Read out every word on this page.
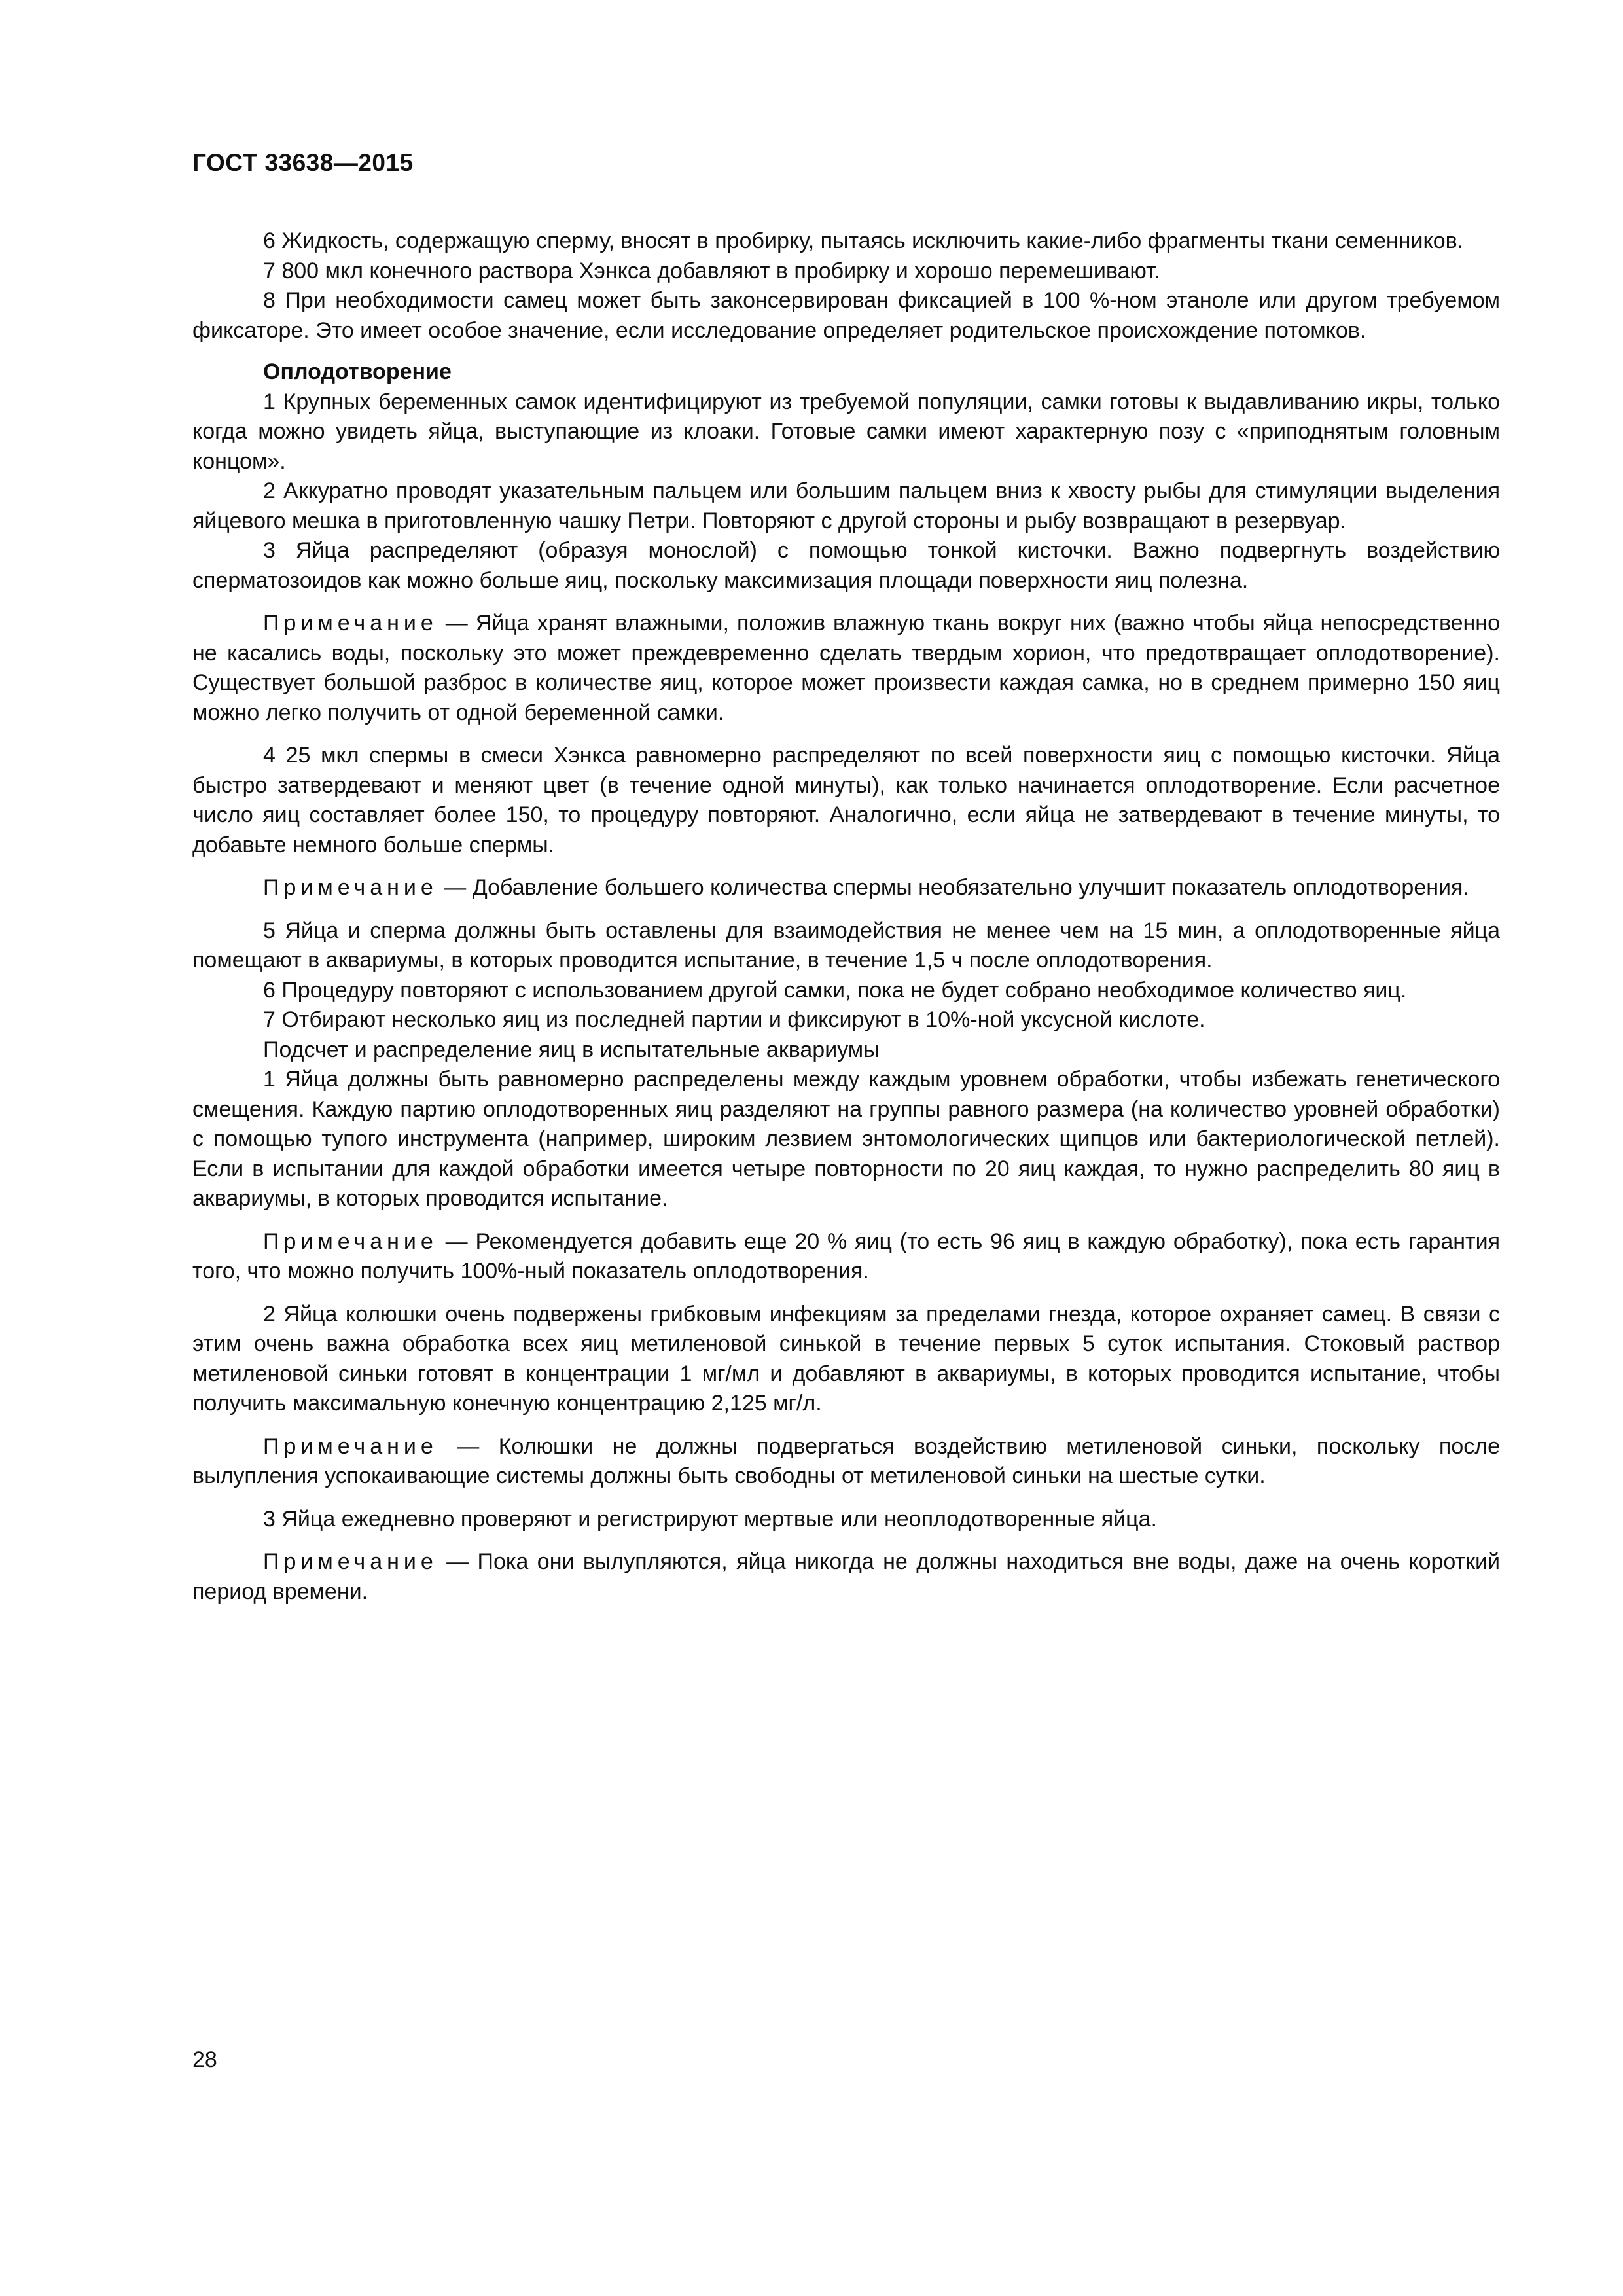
ГОСТ 33638—2015

6 Жидкость, содержащую сперму, вносят в пробирку, пытаясь исключить какие-либо фрагменты ткани семенников.

7 800 мкл конечного раствора Хэнкса добавляют в пробирку и хорошо перемешивают.

8 При необходимости самец может быть законсервирован фиксацией в 100 %-ном этаноле или другом требуемом фиксаторе. Это имеет особое значение, если исследование определяет родительское происхождение потомков.

Оплодотворение

1 Крупных беременных самок идентифицируют из требуемой популяции, самки готовы к выдавливанию икры, только когда можно увидеть яйца, выступающие из клоаки. Готовые самки имеют характерную позу с «приподнятым головным концом».

2 Аккуратно проводят указательным пальцем или большим пальцем вниз к хвосту рыбы для стимуляции выделения яйцевого мешка в приготовленную чашку Петри. Повторяют с другой стороны и рыбу возвращают в резервуар.

3 Яйца распределяют (образуя монослой) с помощью тонкой кисточки. Важно подвергнуть воздействию сперматозоидов как можно больше яиц, поскольку максимизация площади поверхности яиц полезна.

Примечание — Яйца хранят влажными, положив влажную ткань вокруг них (важно чтобы яйца непосредственно не касались воды, поскольку это может преждевременно сделать твердым хорион, что предотвращает оплодотворение). Существует большой разброс в количестве яиц, которое может произвести каждая самка, но в среднем примерно 150 яиц можно легко получить от одной беременной самки.

4 25 мкл спермы в смеси Хэнкса равномерно распределяют по всей поверхности яиц с помощью кисточки. Яйца быстро затвердевают и меняют цвет (в течение одной минуты), как только начинается оплодотворение. Если расчетное число яиц составляет более 150, то процедуру повторяют. Аналогично, если яйца не затвердевают в течение минуты, то добавьте немного больше спермы.

Примечание — Добавление большего количества спермы необязательно улучшит показатель оплодотворения.

5 Яйца и сперма должны быть оставлены для взаимодействия не менее чем на 15 мин, а оплодотворенные яйца помещают в аквариумы, в которых проводится испытание, в течение 1,5 ч после оплодотворения.

6 Процедуру повторяют с использованием другой самки, пока не будет собрано необходимое количество яиц.

7 Отбирают несколько яиц из последней партии и фиксируют в 10%-ной уксусной кислоте.

Подсчет и распределение яиц в испытательные аквариумы

1 Яйца должны быть равномерно распределены между каждым уровнем обработки, чтобы избежать генетического смещения. Каждую партию оплодотворенных яиц разделяют на группы равного размера (на количество уровней обработки) с помощью тупого инструмента (например, широким лезвием энтомологических щипцов или бактериологической петлей). Если в испытании для каждой обработки имеется четыре повторности по 20 яиц каждая, то нужно распределить 80 яиц в аквариумы, в которых проводится испытание.

Примечание — Рекомендуется добавить еще 20 % яиц (то есть 96 яиц в каждую обработку), пока есть гарантия того, что можно получить 100%-ный показатель оплодотворения.

2 Яйца колюшки очень подвержены грибковым инфекциям за пределами гнезда, которое охраняет самец. В связи с этим очень важна обработка всех яиц метиленовой синькой в течение первых 5 суток испытания. Стоковый раствор метиленовой синьки готовят в концентрации 1 мг/мл и добавляют в аквариумы, в которых проводится испытание, чтобы получить максимальную конечную концентрацию 2,125 мг/л.

Примечание — Колюшки не должны подвергаться воздействию метиленовой синьки, поскольку после вылупления успокаивающие системы должны быть свободны от метиленовой синьки на шестые сутки.

3 Яйца ежедневно проверяют и регистрируют мертвые или неоплодотворенные яйца.

Примечание — Пока они вылупляются, яйца никогда не должны находиться вне воды, даже на очень короткий период времени.

28
